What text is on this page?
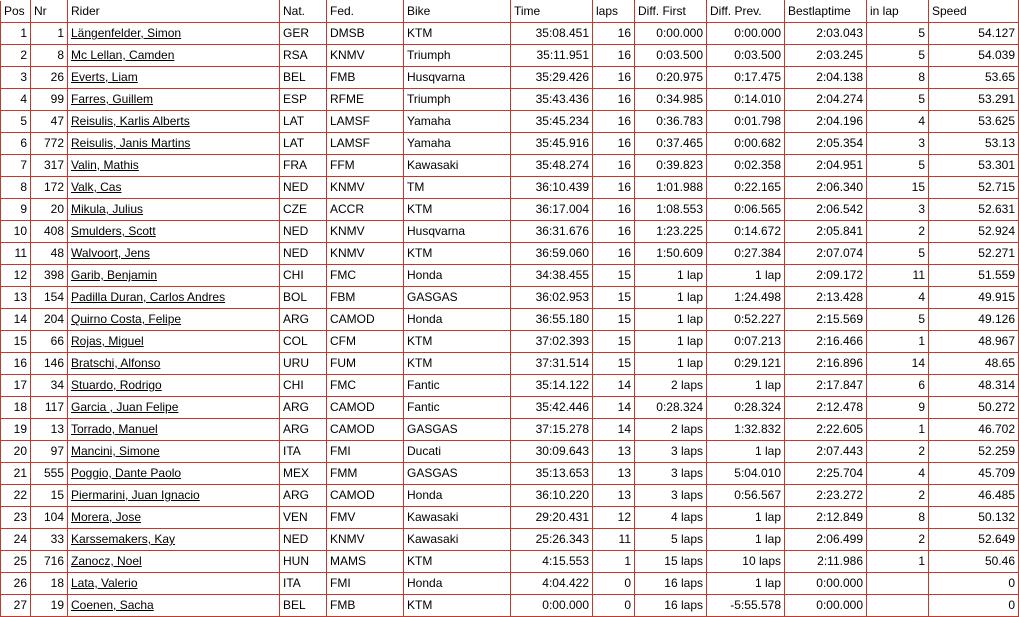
Pos	Nr	Rider	Nat.	Fed.	Bike	Time	laps	Diff. First	Diff. Prev.	Bestlaptime	in lap	Speed
1	1	Längenfelder, Simon	GER	DMSB	KTM	35:08.451	16	0:00.000	0:00.000	2:03.043	5	54.127
2	8	Mc Lellan, Camden	RSA	KNMV	Triumph	35:11.951	16	0:03.500	0:03.500	2:03.245	5	54.039
3	26	Everts, Liam	BEL	FMB	Husqvarna	35:29.426	16	0:20.975	0:17.475	2:04.138	8	53.65
4	99	Farres, Guillem	ESP	RFME	Triumph	35:43.436	16	0:34.985	0:14.010	2:04.274	5	53.291
5	47	Reisulis, Karlis Alberts	LAT	LAMSF	Yamaha	35:45.234	16	0:36.783	0:01.798	2:04.196	4	53.625
6	772	Reisulis, Janis Martins	LAT	LAMSF	Yamaha	35:45.916	16	0:37.465	0:00.682	2:05.354	3	53.13
7	317	Valin, Mathis	FRA	FFM	Kawasaki	35:48.274	16	0:39.823	0:02.358	2:04.951	5	53.301
8	172	Valk, Cas	NED	KNMV	TM	36:10.439	16	1:01.988	0:22.165	2:06.340	15	52.715
9	20	Mikula, Julius	CZE	ACCR	KTM	36:17.004	16	1:08.553	0:06.565	2:06.542	3	52.631
10	408	Smulders, Scott	NED	KNMV	Husqvarna	36:31.676	16	1:23.225	0:14.672	2:05.841	2	52.924
11	48	Walvoort, Jens	NED	KNMV	KTM	36:59.060	16	1:50.609	0:27.384	2:07.074	5	52.271
12	398	Garib, Benjamin	CHI	FMC	Honda	34:38.455	15	1 lap	1 lap	2:09.172	11	51.559
13	154	Padilla Duran, Carlos Andres	BOL	FBM	GASGAS	36:02.953	15	1 lap	1:24.498	2:13.428	4	49.915
14	204	Quirno Costa, Felipe	ARG	CAMOD	Honda	36:55.180	15	1 lap	0:52.227	2:15.569	5	49.126
15	66	Rojas, Miguel	COL	CFM	KTM	37:02.393	15	1 lap	0:07.213	2:16.466	1	48.967
16	146	Bratschi, Alfonso	URU	FUM	KTM	37:31.514	15	1 lap	0:29.121	2:16.896	14	48.65
17	34	Stuardo, Rodrigo	CHI	FMC	Fantic	35:14.122	14	2 laps	1 lap	2:17.847	6	48.314
18	117	Garcia , Juan Felipe	ARG	CAMOD	Fantic	35:42.446	14	0:28.324	0:28.324	2:12.478	9	50.272
19	13	Torrado, Manuel	ARG	CAMOD	GASGAS	37:15.278	14	2 laps	1:32.832	2:22.605	1	46.702
20	97	Mancini, Simone	ITA	FMI	Ducati	30:09.643	13	3 laps	1 lap	2:07.443	2	52.259
21	555	Poggio, Dante Paolo	MEX	FMM	GASGAS	35:13.653	13	3 laps	5:04.010	2:25.704	4	45.709
22	15	Piermarini, Juan Ignacio	ARG	CAMOD	Honda	36:10.220	13	3 laps	0:56.567	2:23.272	2	46.485
23	104	Morera, Jose	VEN	FMV	Kawasaki	29:20.431	12	4 laps	1 lap	2:12.849	8	50.132
24	33	Karssemakers, Kay	NED	KNMV	Kawasaki	25:26.343	11	5 laps	1 lap	2:06.499	2	52.649
25	716	Zanocz, Noel	HUN	MAMS	KTM	4:15.553	1	15 laps	10 laps	2:11.986	1	50.46
26	18	Lata, Valerio	ITA	FMI	Honda	4:04.422	0	16 laps	1 lap	0:00.000		0
27	19	Coenen, Sacha	BEL	FMB	KTM	0:00.000	0	16 laps	-5:55.578	0:00.000		0
